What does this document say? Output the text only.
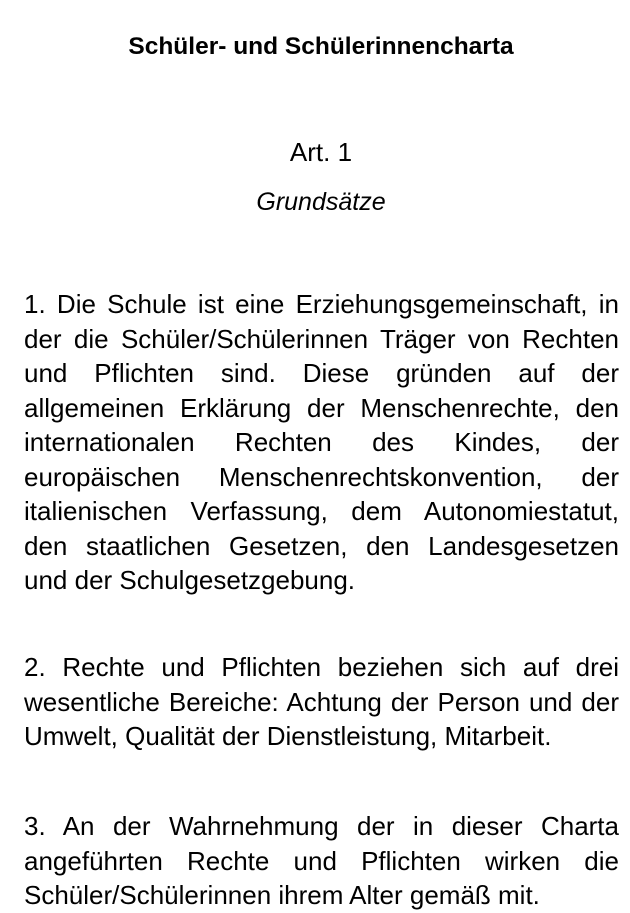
Schüler- und Schülerinnencharta
Art. 1
Grundsätze

1. Die Schule ist eine Erziehungsgemeinschaft, in der die Schüler/Schülerinnen Träger von Rechten und Pflichten sind. Diese gründen auf der allgemeinen Erklärung der Menschenrechte, den internationalen Rechten des Kindes, der europäischen Menschenrechtskonvention, der italienischen Verfassung, dem Autonomiestatut, den staatlichen Gesetzen, den Landesgesetzen und der Schulgesetzgebung.

2. Rechte und Pflichten beziehen sich auf drei wesentliche Bereiche: Achtung der Person und der Umwelt, Qualität der Dienstleistung, Mitarbeit.

3. An der Wahrnehmung der in dieser Charta angeführten Rechte und Pflichten wirken die Schüler/Schülerinnen ihrem Alter gemäß mit.
